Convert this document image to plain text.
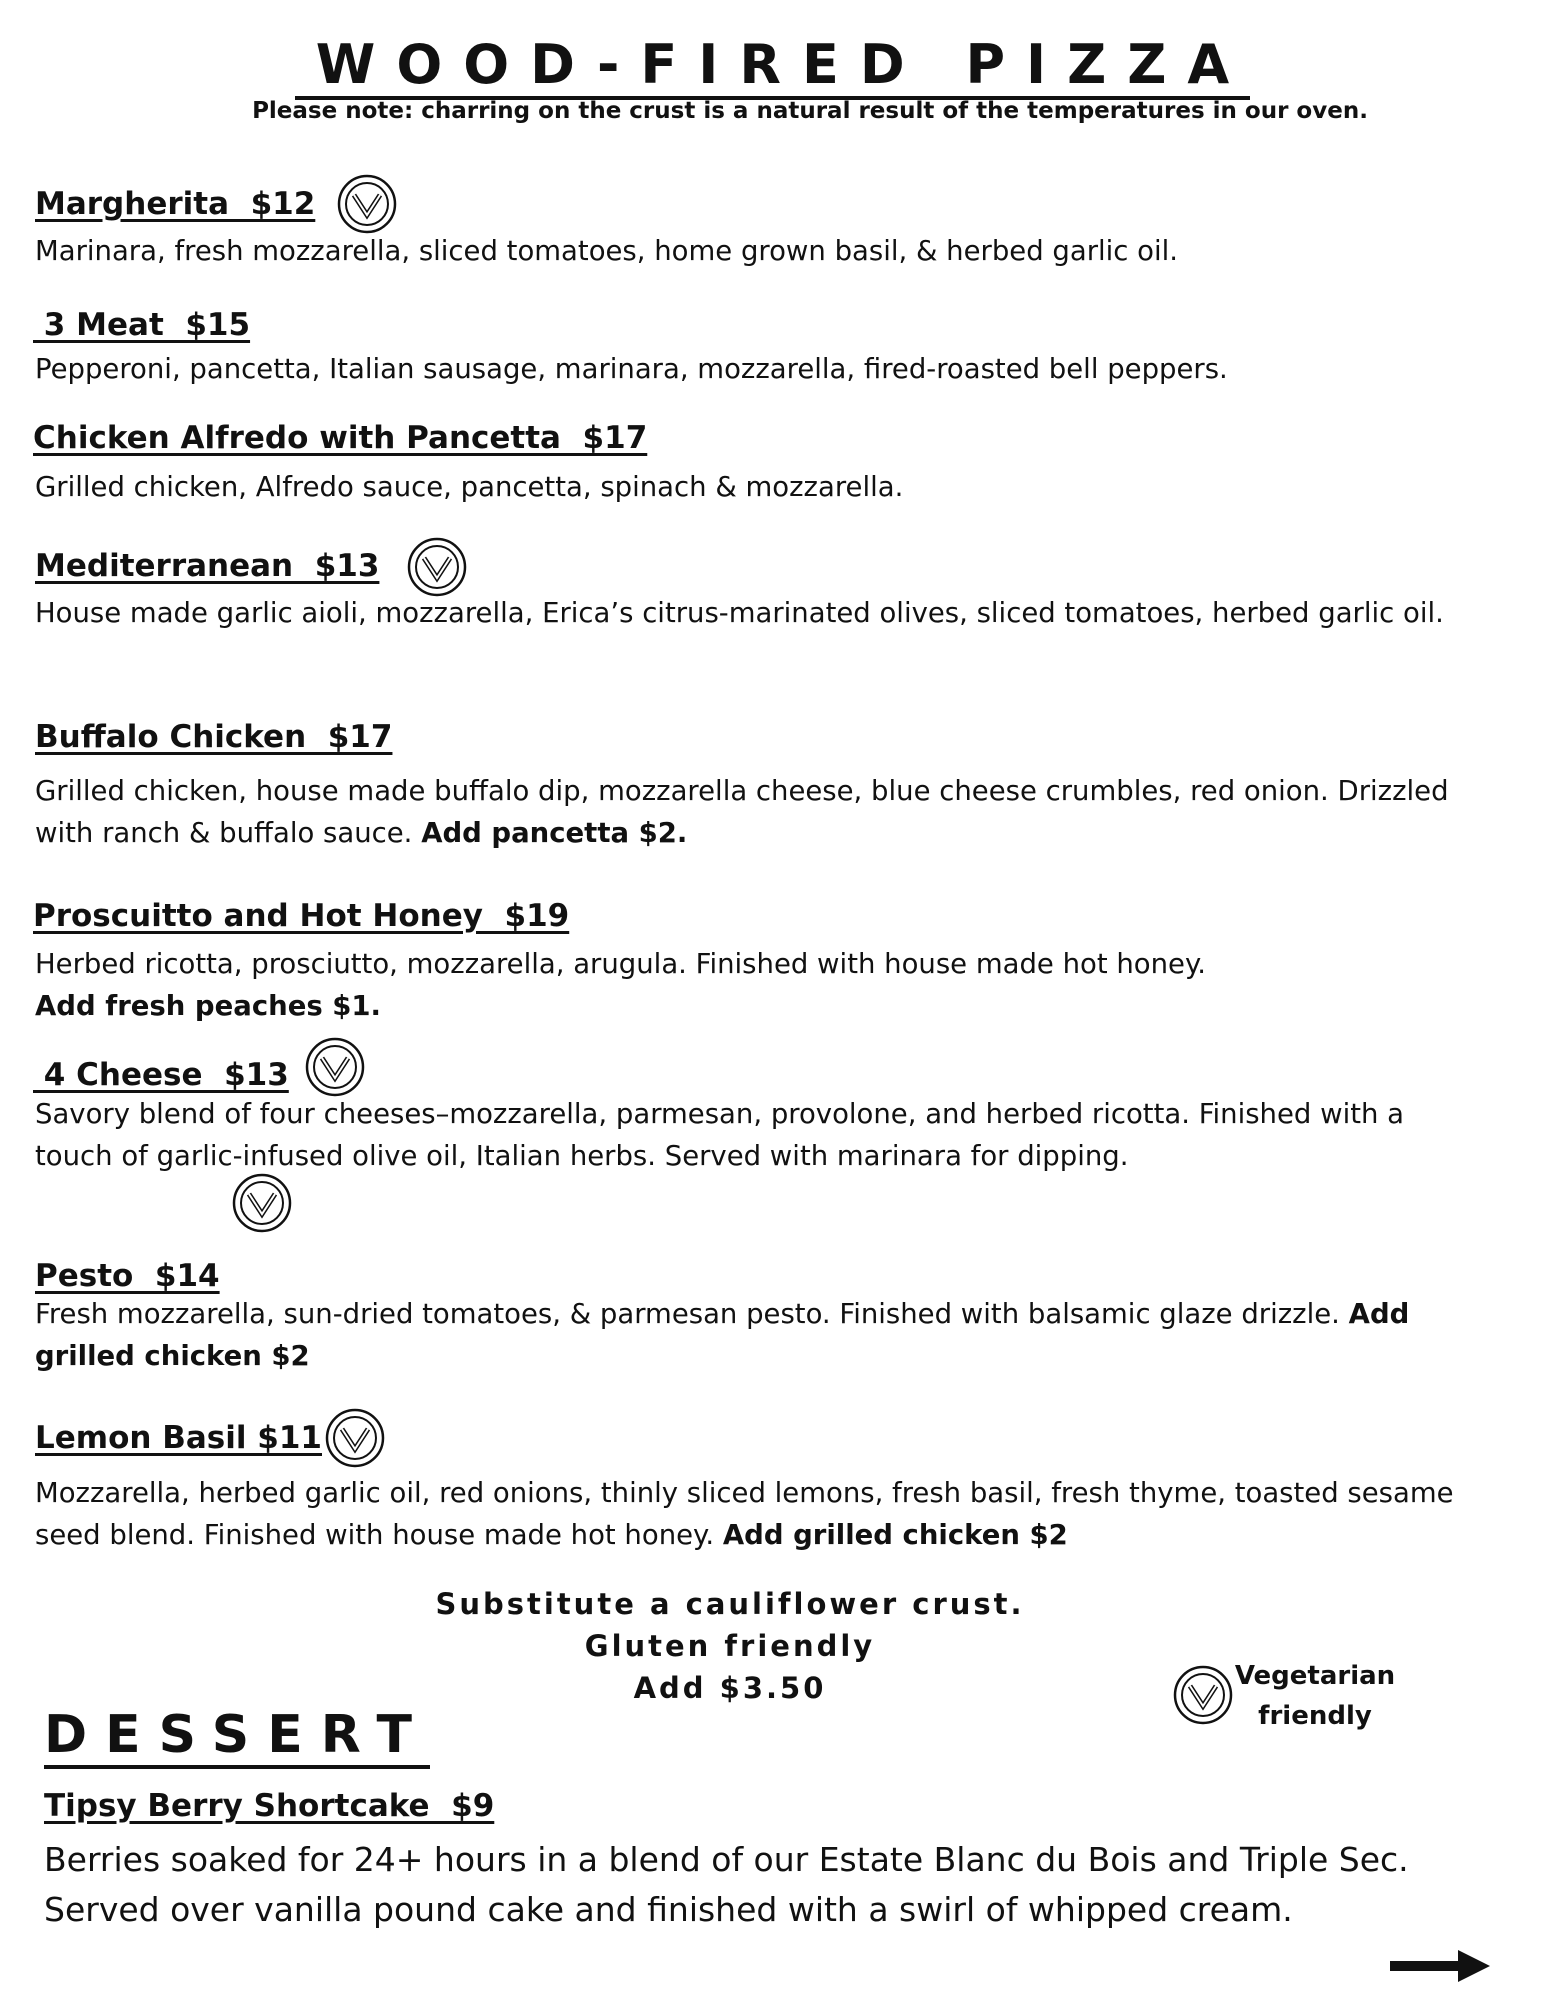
WOOD-FIRED PIZZA
Please note: charring on the crust is a natural result of the temperatures in our oven.
Margherita  $12
Marinara, fresh mozzarella, sliced tomatoes, home grown basil, & herbed garlic oil.
3 Meat  $15
Pepperoni, pancetta, Italian sausage, marinara, mozzarella, fired-roasted bell peppers.
Chicken Alfredo with Pancetta  $17
Grilled chicken, Alfredo sauce, pancetta, spinach & mozzarella.
Mediterranean  $13
House made garlic aioli, mozzarella, Erica’s citrus-marinated olives, sliced tomatoes, herbed garlic oil.
Buffalo Chicken  $17
Grilled chicken, house made buffalo dip, mozzarella cheese, blue cheese crumbles, red onion. Drizzled with ranch & buffalo sauce. Add pancetta $2.
Proscuitto and Hot Honey  $19
Herbed ricotta, prosciutto, mozzarella, arugula. Finished with house made hot honey.
Add fresh peaches $1.
4 Cheese  $13
Savory blend of four cheeses–mozzarella, parmesan, provolone, and herbed ricotta. Finished with a touch of garlic-infused olive oil, Italian herbs. Served with marinara for dipping.
Pesto  $14
Fresh mozzarella, sun-dried tomatoes, & parmesan pesto. Finished with balsamic glaze drizzle. Add grilled chicken $2
Lemon Basil $11
Mozzarella, herbed garlic oil, red onions, thinly sliced lemons, fresh basil, fresh thyme, toasted sesame seed blend. Finished with house made hot honey. Add grilled chicken $2
Substitute a cauliflower crust.
Gluten friendly
Add $3.50	Vegetarian
friendly
DESSERT
Tipsy Berry Shortcake  $9
Berries soaked for 24+ hours in a blend of our Estate Blanc du Bois and Triple Sec. Served over vanilla pound cake and finished with a swirl of whipped cream.
